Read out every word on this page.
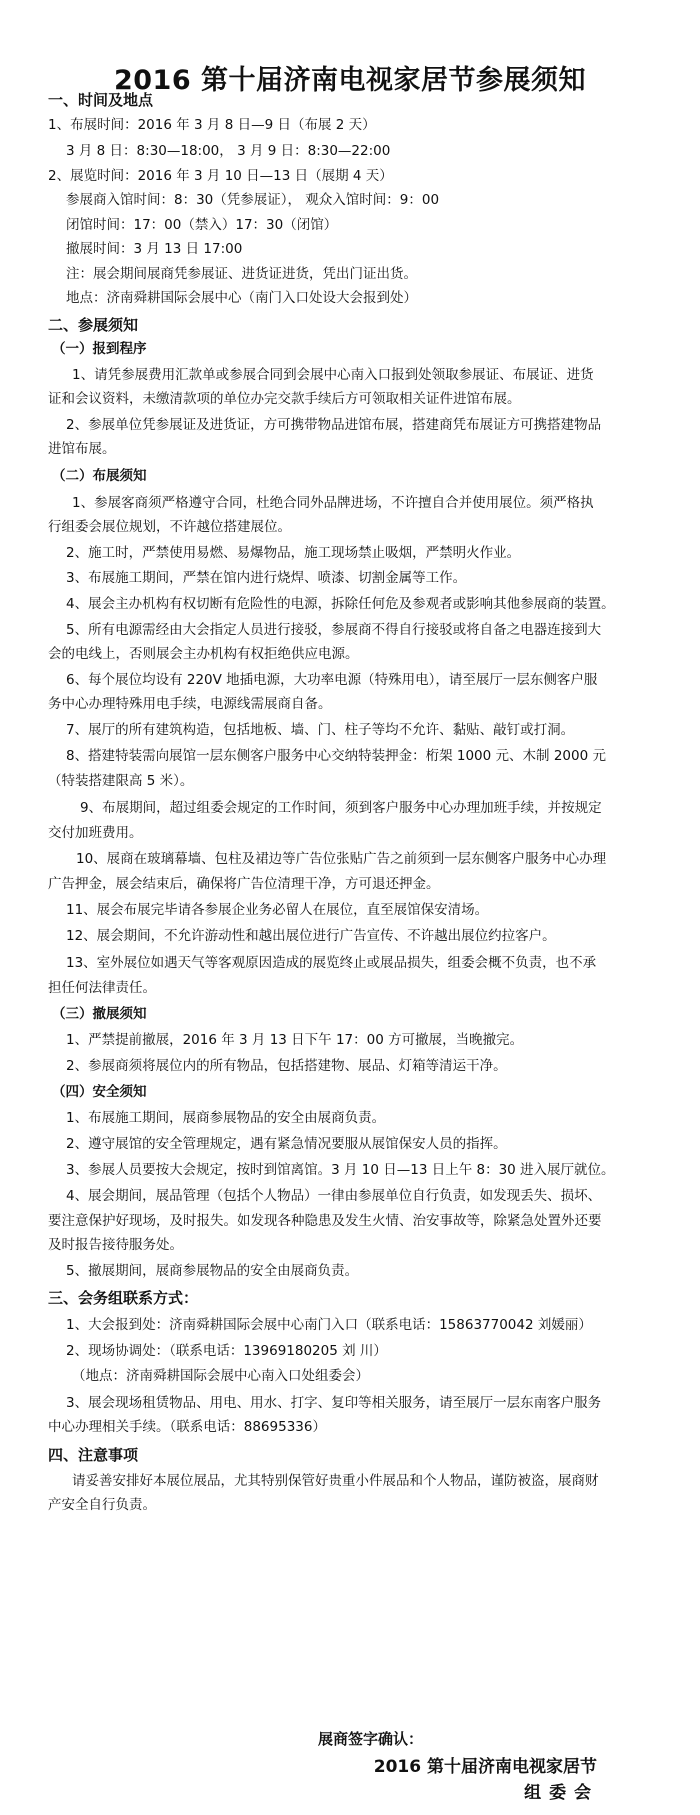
2016 第十届济南电视家居节参展须知
一、时间及地点
1、布展时间：2016 年 3 月 8 日—9 日（布展 2 天）
3 月 8 日：8:30—18:00， 3 月 9 日：8:30—22:00
2、展览时间：2016 年 3 月 10 日—13 日（展期 4 天）
参展商入馆时间：8：30（凭参展证）， 观众入馆时间：9：00
闭馆时间：17：00（禁入）17：30（闭馆）
撤展时间：3 月 13 日 17:00
注：展会期间展商凭参展证、进货证进货，凭出门证出货。
地点：济南舜耕国际会展中心（南门入口处设大会报到处）
二、参展须知
（一）报到程序
1、请凭参展费用汇款单或参展合同到会展中心南入口报到处领取参展证、布展证、进货
证和会议资料，未缴清款项的单位办完交款手续后方可领取相关证件进馆布展。
2、参展单位凭参展证及进货证，方可携带物品进馆布展，搭建商凭布展证方可携搭建物品
进馆布展。
（二）布展须知
1、参展客商须严格遵守合同，杜绝合同外品牌进场，不许擅自合并使用展位。须严格执
行组委会展位规划，不许越位搭建展位。
2、施工时，严禁使用易燃、易爆物品，施工现场禁止吸烟，严禁明火作业。
3、布展施工期间，严禁在馆内进行烧焊、喷漆、切割金属等工作。
4、展会主办机构有权切断有危险性的电源，拆除任何危及参观者或影响其他参展商的装置。
5、所有电源需经由大会指定人员进行接驳，参展商不得自行接驳或将自备之电器连接到大
会的电线上，否则展会主办机构有权拒绝供应电源。
6、每个展位均设有 220V 地插电源，大功率电源（特殊用电），请至展厅一层东侧客户服
务中心办理特殊用电手续，电源线需展商自备。
7、展厅的所有建筑构造，包括地板、墙、门、柱子等均不允许、黏贴、敲钉或打洞。
8、搭建特装需向展馆一层东侧客户服务中心交纳特装押金：桁架 1000 元、木制 2000 元
（特装搭建限高 5 米）。
9、布展期间，超过组委会规定的工作时间，须到客户服务中心办理加班手续，并按规定
交付加班费用。
10、展商在玻璃幕墙、包柱及裙边等广告位张贴广告之前须到一层东侧客户服务中心办理
广告押金，展会结束后，确保将广告位清理干净，方可退还押金。
11、展会布展完毕请各参展企业务必留人在展位，直至展馆保安清场。
12、展会期间，不允许游动性和越出展位进行广告宣传、不许越出展位约拉客户。
13、室外展位如遇天气等客观原因造成的展览终止或展品损失，组委会概不负责，也不承
担任何法律责任。
（三）撤展须知
1、严禁提前撤展，2016 年 3 月 13 日下午 17：00 方可撤展，当晚撤完。
2、参展商须将展位内的所有物品，包括搭建物、展品、灯箱等清运干净。
（四）安全须知
1、布展施工期间，展商参展物品的安全由展商负责。
2、遵守展馆的安全管理规定，遇有紧急情况要服从展馆保安人员的指挥。
3、参展人员要按大会规定，按时到馆离馆。3 月 10 日—13 日上午 8：30 进入展厅就位。
4、展会期间，展品管理（包括个人物品）一律由参展单位自行负责，如发现丢失、损坏、
要注意保护好现场，及时报失。如发现各种隐患及发生火情、治安事故等，除紧急处置外还要
及时报告接待服务处。
5、撤展期间，展商参展物品的安全由展商负责。
三、会务组联系方式：
1、大会报到处：济南舜耕国际会展中心南门入口（联系电话：15863770042 刘媛丽）
2、现场协调处：（联系电话：13969180205 刘 川）
（地点：济南舜耕国际会展中心南入口处组委会）
3、展会现场租赁物品、用电、用水、打字、复印等相关服务，请至展厅一层东南客户服务
中心办理相关手续。（联系电话：88695336）
四、注意事项
请妥善安排好本展位展品，尤其特别保管好贵重小件展品和个人物品，谨防被盗，展商财
产安全自行负责。
展商签字确认：
2016 第十届济南电视家居节
组 委 会
